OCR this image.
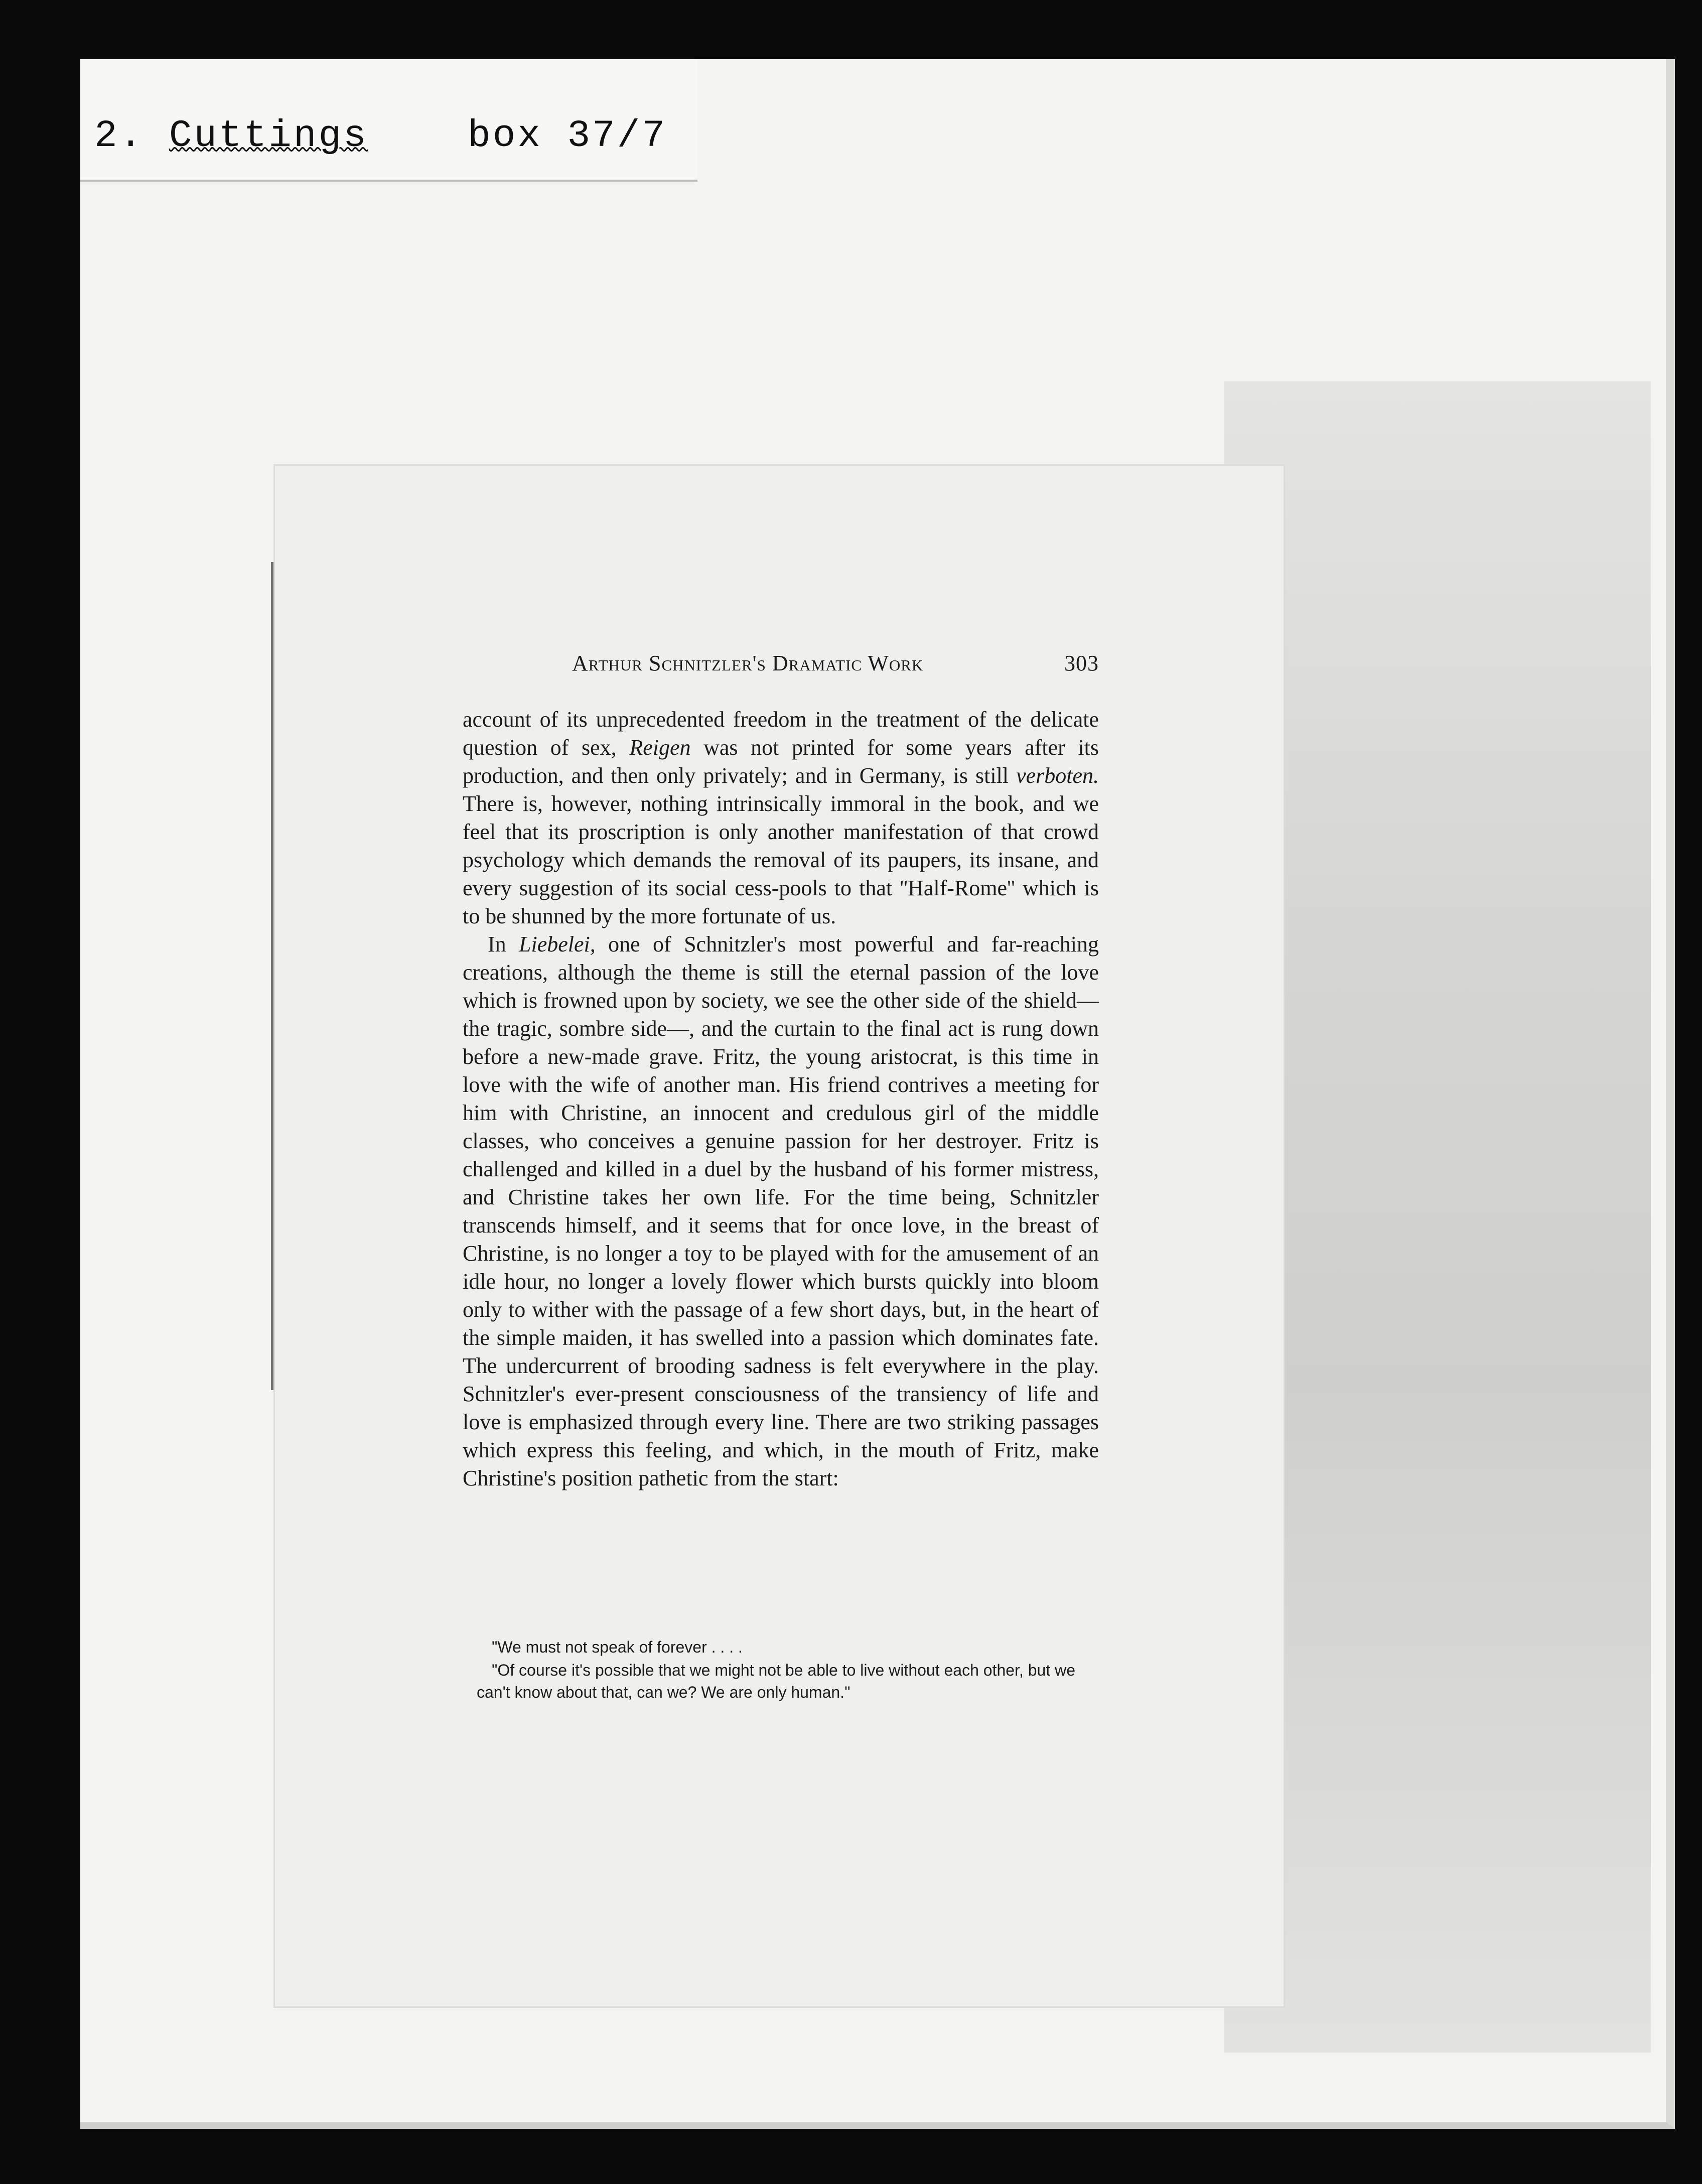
2. Cuttings	box 37/7
Arthur Schnitzler's Dramatic Work	303

account of its unprecedented freedom in the treatment of the delicate question of sex, Reigen was not printed for some years after its production, and then only privately; and in Germany, is still verboten. There is, however, nothing intrinsically immoral in the book, and we feel that its proscription is only another manifestation of that crowd psychology which demands the removal of its paupers, its insane, and every suggestion of its social cess-pools to that ''Half-Rome'' which is to be shunned by the more fortunate of us.

In Liebelei, one of Schnitzler's most powerful and far-reaching creations, although the theme is still the eternal passion of the love which is frowned upon by society, we see the other side of the shield—the tragic, sombre side—, and the curtain to the final act is rung down before a new-made grave. Fritz, the young aristocrat, is this time in love with the wife of another man. His friend contrives a meeting for him with Christine, an innocent and credulous girl of the middle classes, who conceives a genuine passion for her destroyer. Fritz is challenged and killed in a duel by the husband of his former mistress, and Christine takes her own life. For the time being, Schnitzler transcends himself, and it seems that for once love, in the breast of Christine, is no longer a toy to be played with for the amusement of an idle hour, no longer a lovely flower which bursts quickly into bloom only to wither with the passage of a few short days, but, in the heart of the simple maiden, it has swelled into a passion which dominates fate. The undercurrent of brooding sadness is felt everywhere in the play. Schnitzler's ever-present consciousness of the transiency of life and love is emphasized through every line. There are two striking passages which express this feeling, and which, in the mouth of Fritz, make Christine's position pathetic from the start:

"We must not speak of forever . . . .

"Of course it's possible that we might not be able to live without each other, but we can't know about that, can we? We are only human."
